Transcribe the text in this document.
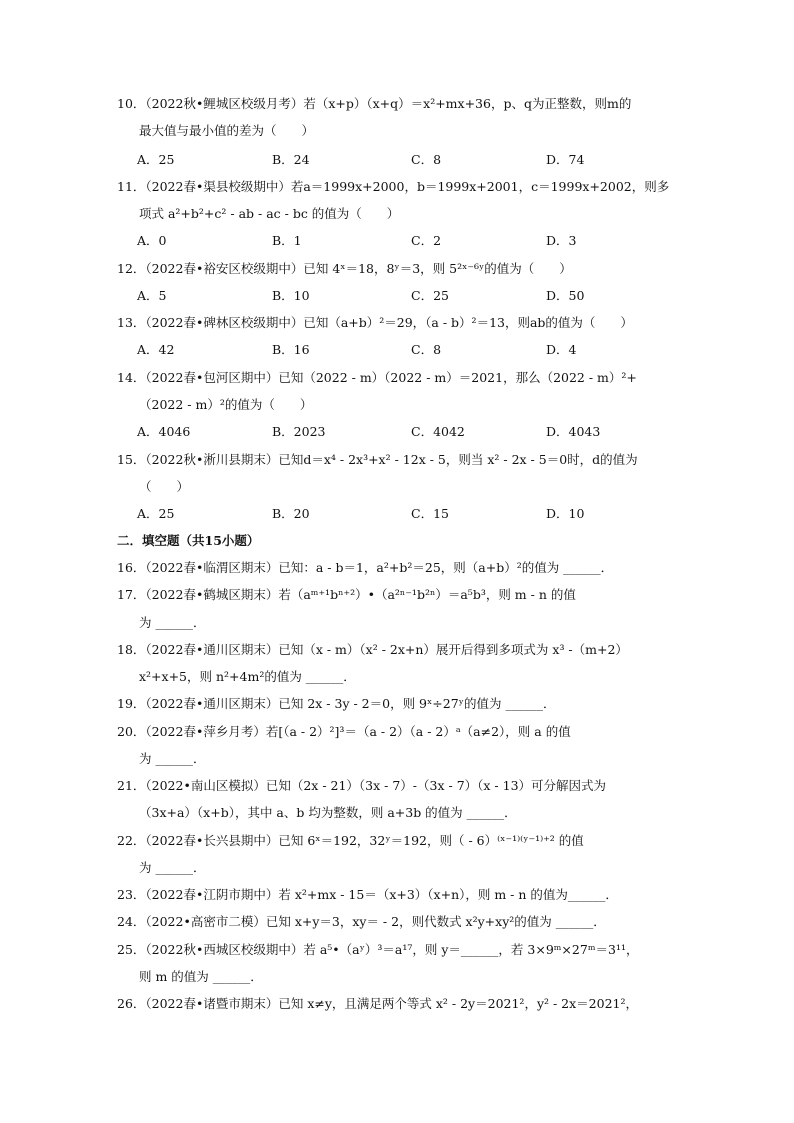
10．（2022秋•鲤城区校级月考）若（x+p）（x+q）＝x²+mx+36，p、q为正整数，则m的
最大值与最小值的差为（　　）
A．25	B．24	C．8	D．74
11．（2022春•渠县校级期中）若a＝1999x+2000，b＝1999x+2001，c＝1999x+2002，则多
项式 a²+b²+c² - ab - ac - bc 的值为（　　）
A．0	B．1	C．2	D．3
12．（2022春•裕安区校级期中）已知 4ˣ＝18，8ʸ＝3，则 5²ˣ⁻⁶ʸ的值为（　　）
A．5	B．10	C．25	D．50
13．（2022春•碑林区校级期中）已知（a+b）²＝29，（a - b）²＝13，则ab的值为（　　）
A．42	B．16	C．8	D．4
14．（2022春•包河区期中）已知（2022 - m）（2022 - m）＝2021，那么（2022 - m）²+
（2022 - m）²的值为（　　）
A．4046	B．2023	C．4042	D．4043
15．（2022秋•淅川县期末）已知d＝x⁴ - 2x³+x² - 12x - 5，则当 x² - 2x - 5＝0时，d的值为
（　　）
A．25	B．20	C．15	D．10
二．填空题（共15小题）
16．（2022春•临渭区期末）已知：a - b＝1，a²+b²＝25，则（a+b）²的值为 ______．
17．（2022春•鹤城区期末）若（aᵐ⁺¹bⁿ⁺²）•（a²ⁿ⁻¹b²ⁿ）＝a⁵b³，则 m - n 的值
为 ______．
18．（2022春•通川区期末）已知（x - m）（x² - 2x+n）展开后得到多项式为 x³ -（m+2）
x²+x+5，则 n²+4m²的值为 ______．
19．（2022春•通川区期末）已知 2x - 3y - 2＝0，则 9ˣ÷27ʸ的值为 ______．
20．（2022春•萍乡月考）若[（a - 2）²]³＝（a - 2）（a - 2）ᵃ（a≠2），则 a 的值
为 ______．
21．（2022•南山区模拟）已知（2x - 21）（3x - 7）-（3x - 7）（x - 13）可分解因式为
（3x+a）（x+b），其中 a、b 均为整数，则 a+3b 的值为 ______．
22．（2022春•长兴县期中）已知 6ˣ＝192，32ʸ＝192，则（ - 6）⁽ˣ⁻¹⁾⁽ʸ⁻¹⁾⁺² 的值
为 ______．
23．（2022春•江阴市期中）若 x²+mx - 15＝（x+3）（x+n），则 m - n 的值为______．
24．（2022•高密市二模）已知 x+y＝3，xy＝ - 2，则代数式 x²y+xy²的值为 ______．
25．（2022秋•西城区校级期中）若 a⁵•（aʸ）³＝a¹⁷，则 y＝______，若 3×9ᵐ×27ᵐ＝3¹¹，
则 m 的值为 ______．
26．（2022春•诸暨市期末）已知 x≠y，且满足两个等式 x² - 2y＝2021²，y² - 2x＝2021²，
